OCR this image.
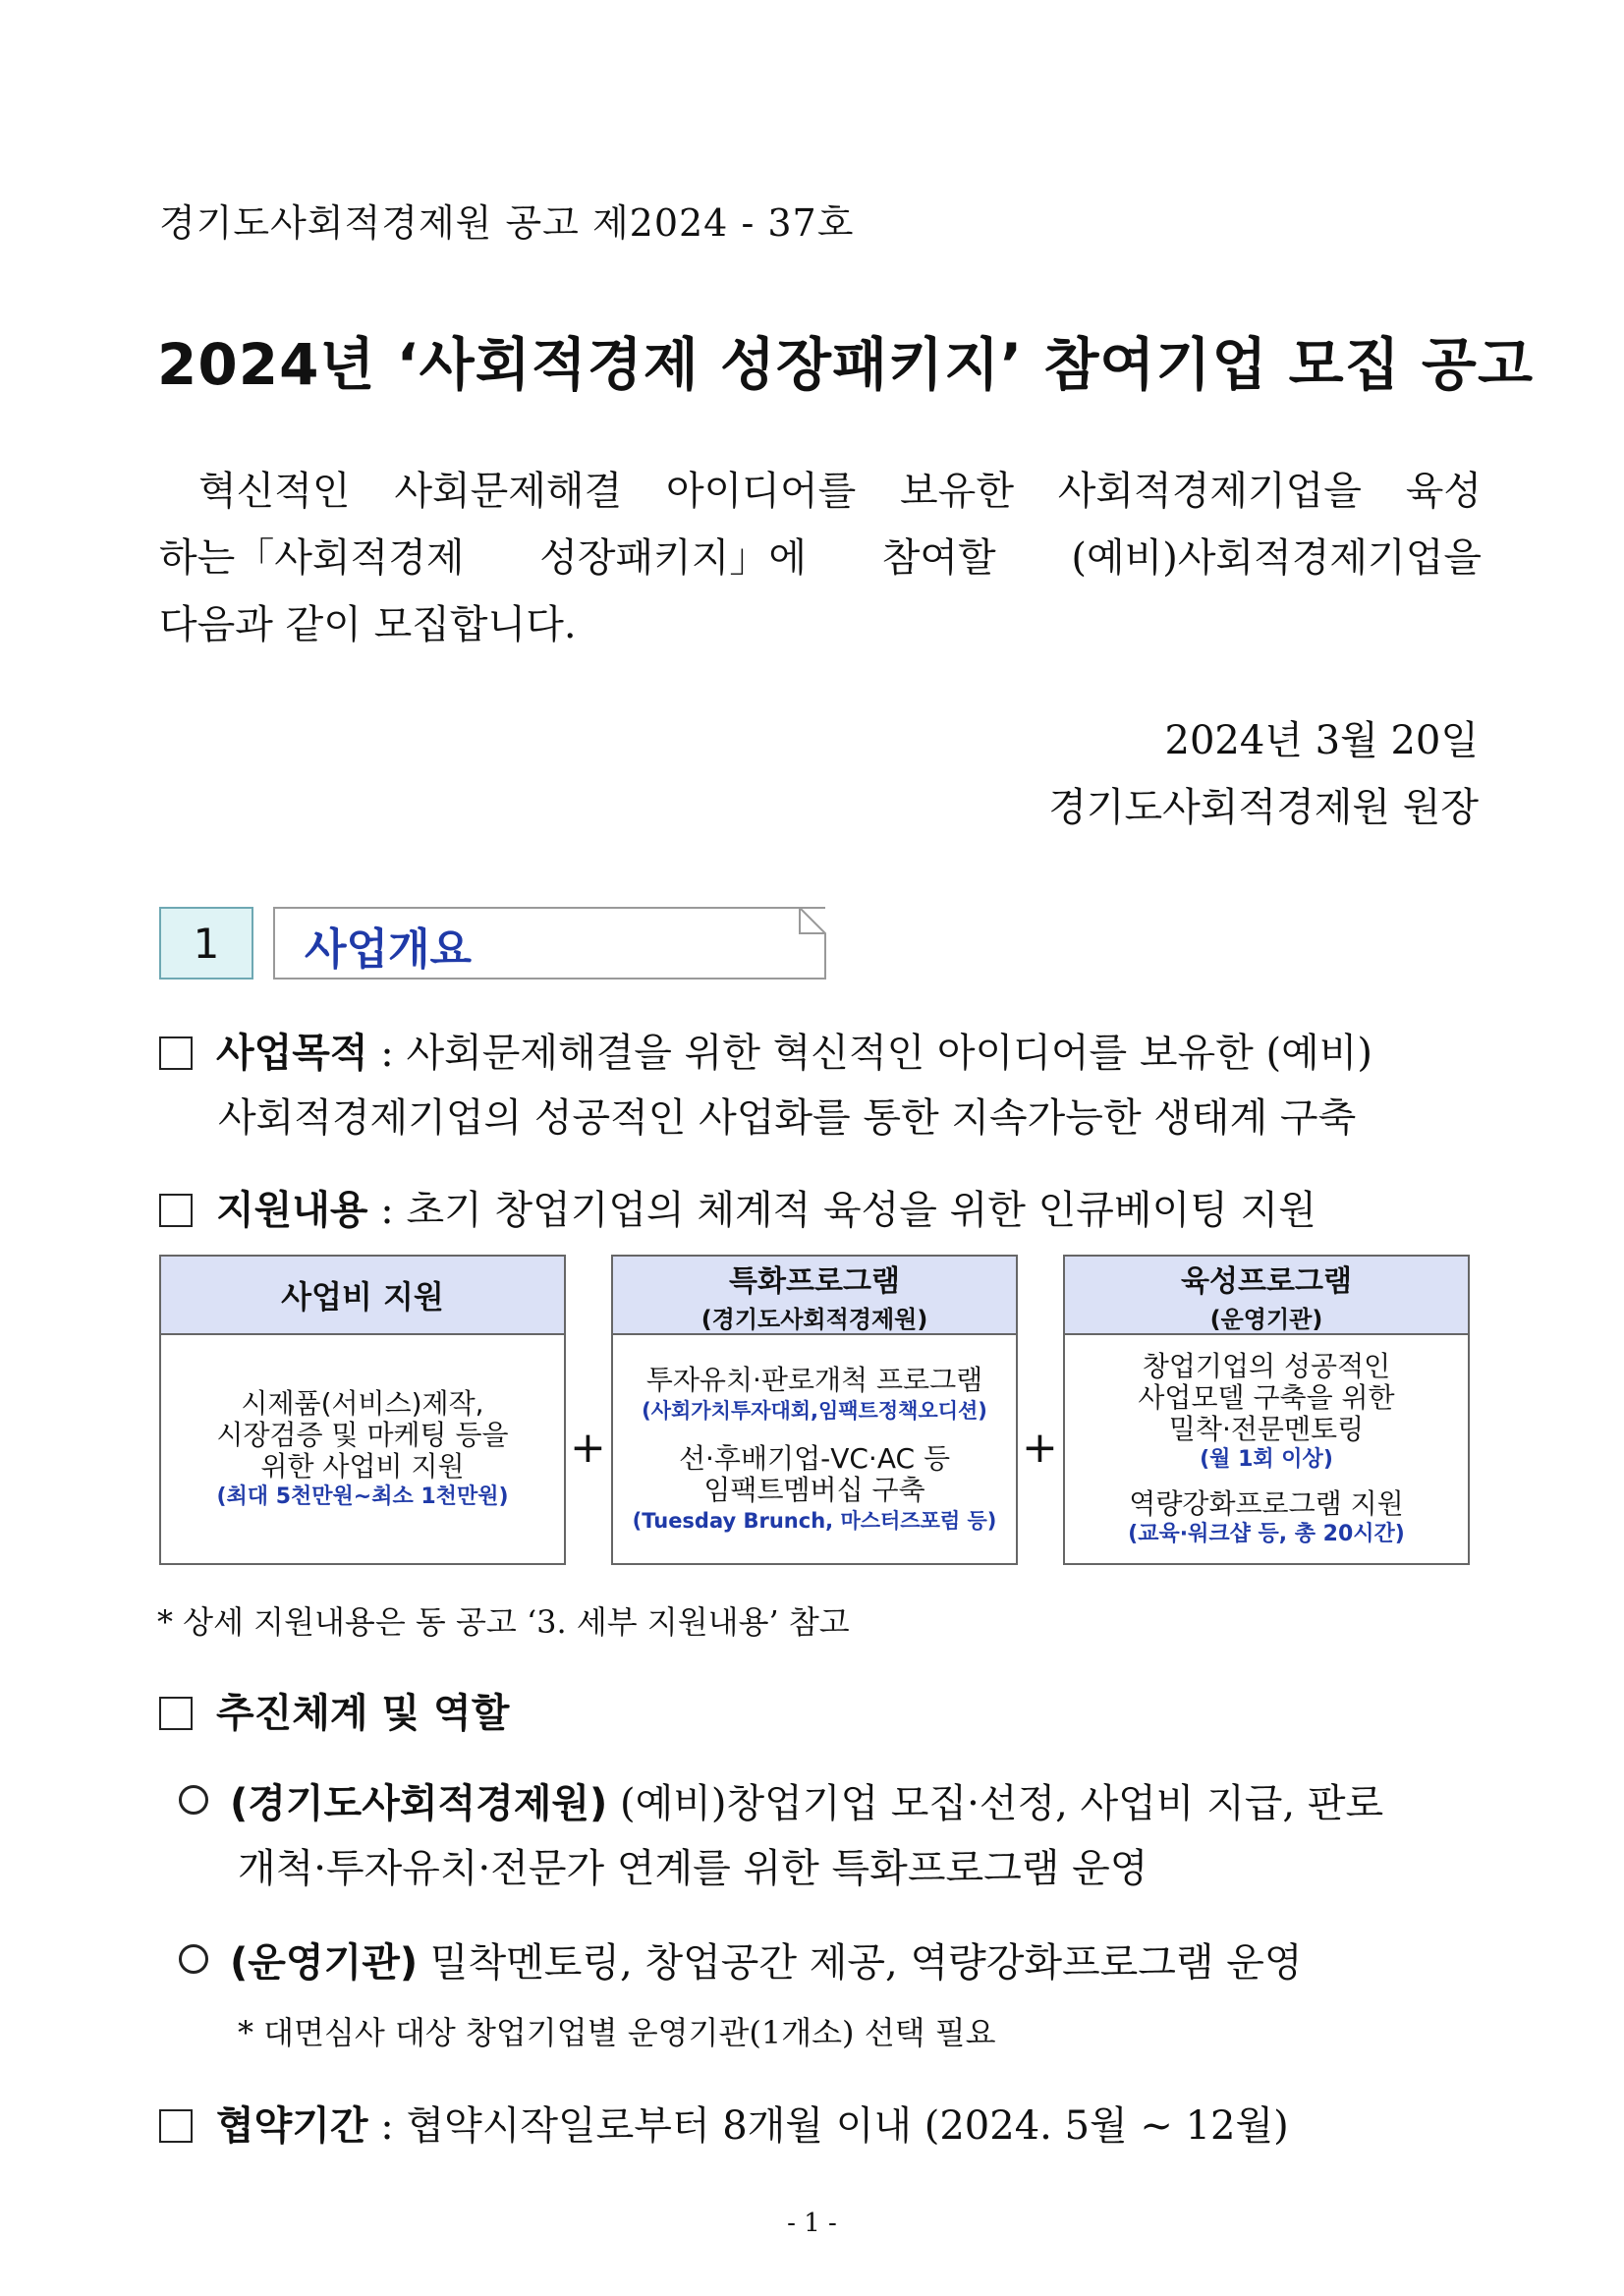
경기도사회적경제원 공고 제2024 - 37호
2024년 ‘사회적경제 성장패키지’ 참여기업 모집 공고
혁신적인 사회문제해결 아이디어를 보유한 사회적경제기업을 육성
하는「사회적경제 성장패키지」에 참여할 (예비)사회적경제기업을
다음과 같이 모집합니다.
2024년 3월 20일
경기도사회적경제원 원장
1	사업개요
사업목적 : 사회문제해결을 위한 혁신적인 아이디어를 보유한 (예비)
사회적경제기업의 성공적인 사업화를 통한 지속가능한 생태계 구축
지원내용 : 초기 창업기업의 체계적 육성을 위한 인큐베이팅 지원
사업비 지원
시제품(서비스)제작,
시장검증 및 마케팅 등을
위한 사업비 지원
(최대 5천만원~최소 1천만원)
+
특화프로그램
(경기도사회적경제원)
투자유치·판로개척 프로그램
(사회가치투자대회,임팩트정책오디션)
선·후배기업-VC·AC 등
임팩트멤버십 구축
(Tuesday Brunch, 마스터즈포럼 등)
+
육성프로그램
(운영기관)
창업기업의 성공적인
사업모델 구축을 위한
밀착·전문멘토링
(월 1회 이상)
역량강화프로그램 지원
(교육·워크샵 등, 총 20시간)
* 상세 지원내용은 동 공고 ‘3. 세부 지원내용’ 참고
추진체계 및 역할
(경기도사회적경제원) (예비)창업기업 모집·선정, 사업비 지급, 판로
개척·투자유치·전문가 연계를 위한 특화프로그램 운영
(운영기관) 밀착멘토링, 창업공간 제공, 역량강화프로그램 운영
* 대면심사 대상 창업기업별 운영기관(1개소) 선택 필요
협약기간 : 협약시작일로부터 8개월 이내 (2024. 5월 ~ 12월)
- 1 -
